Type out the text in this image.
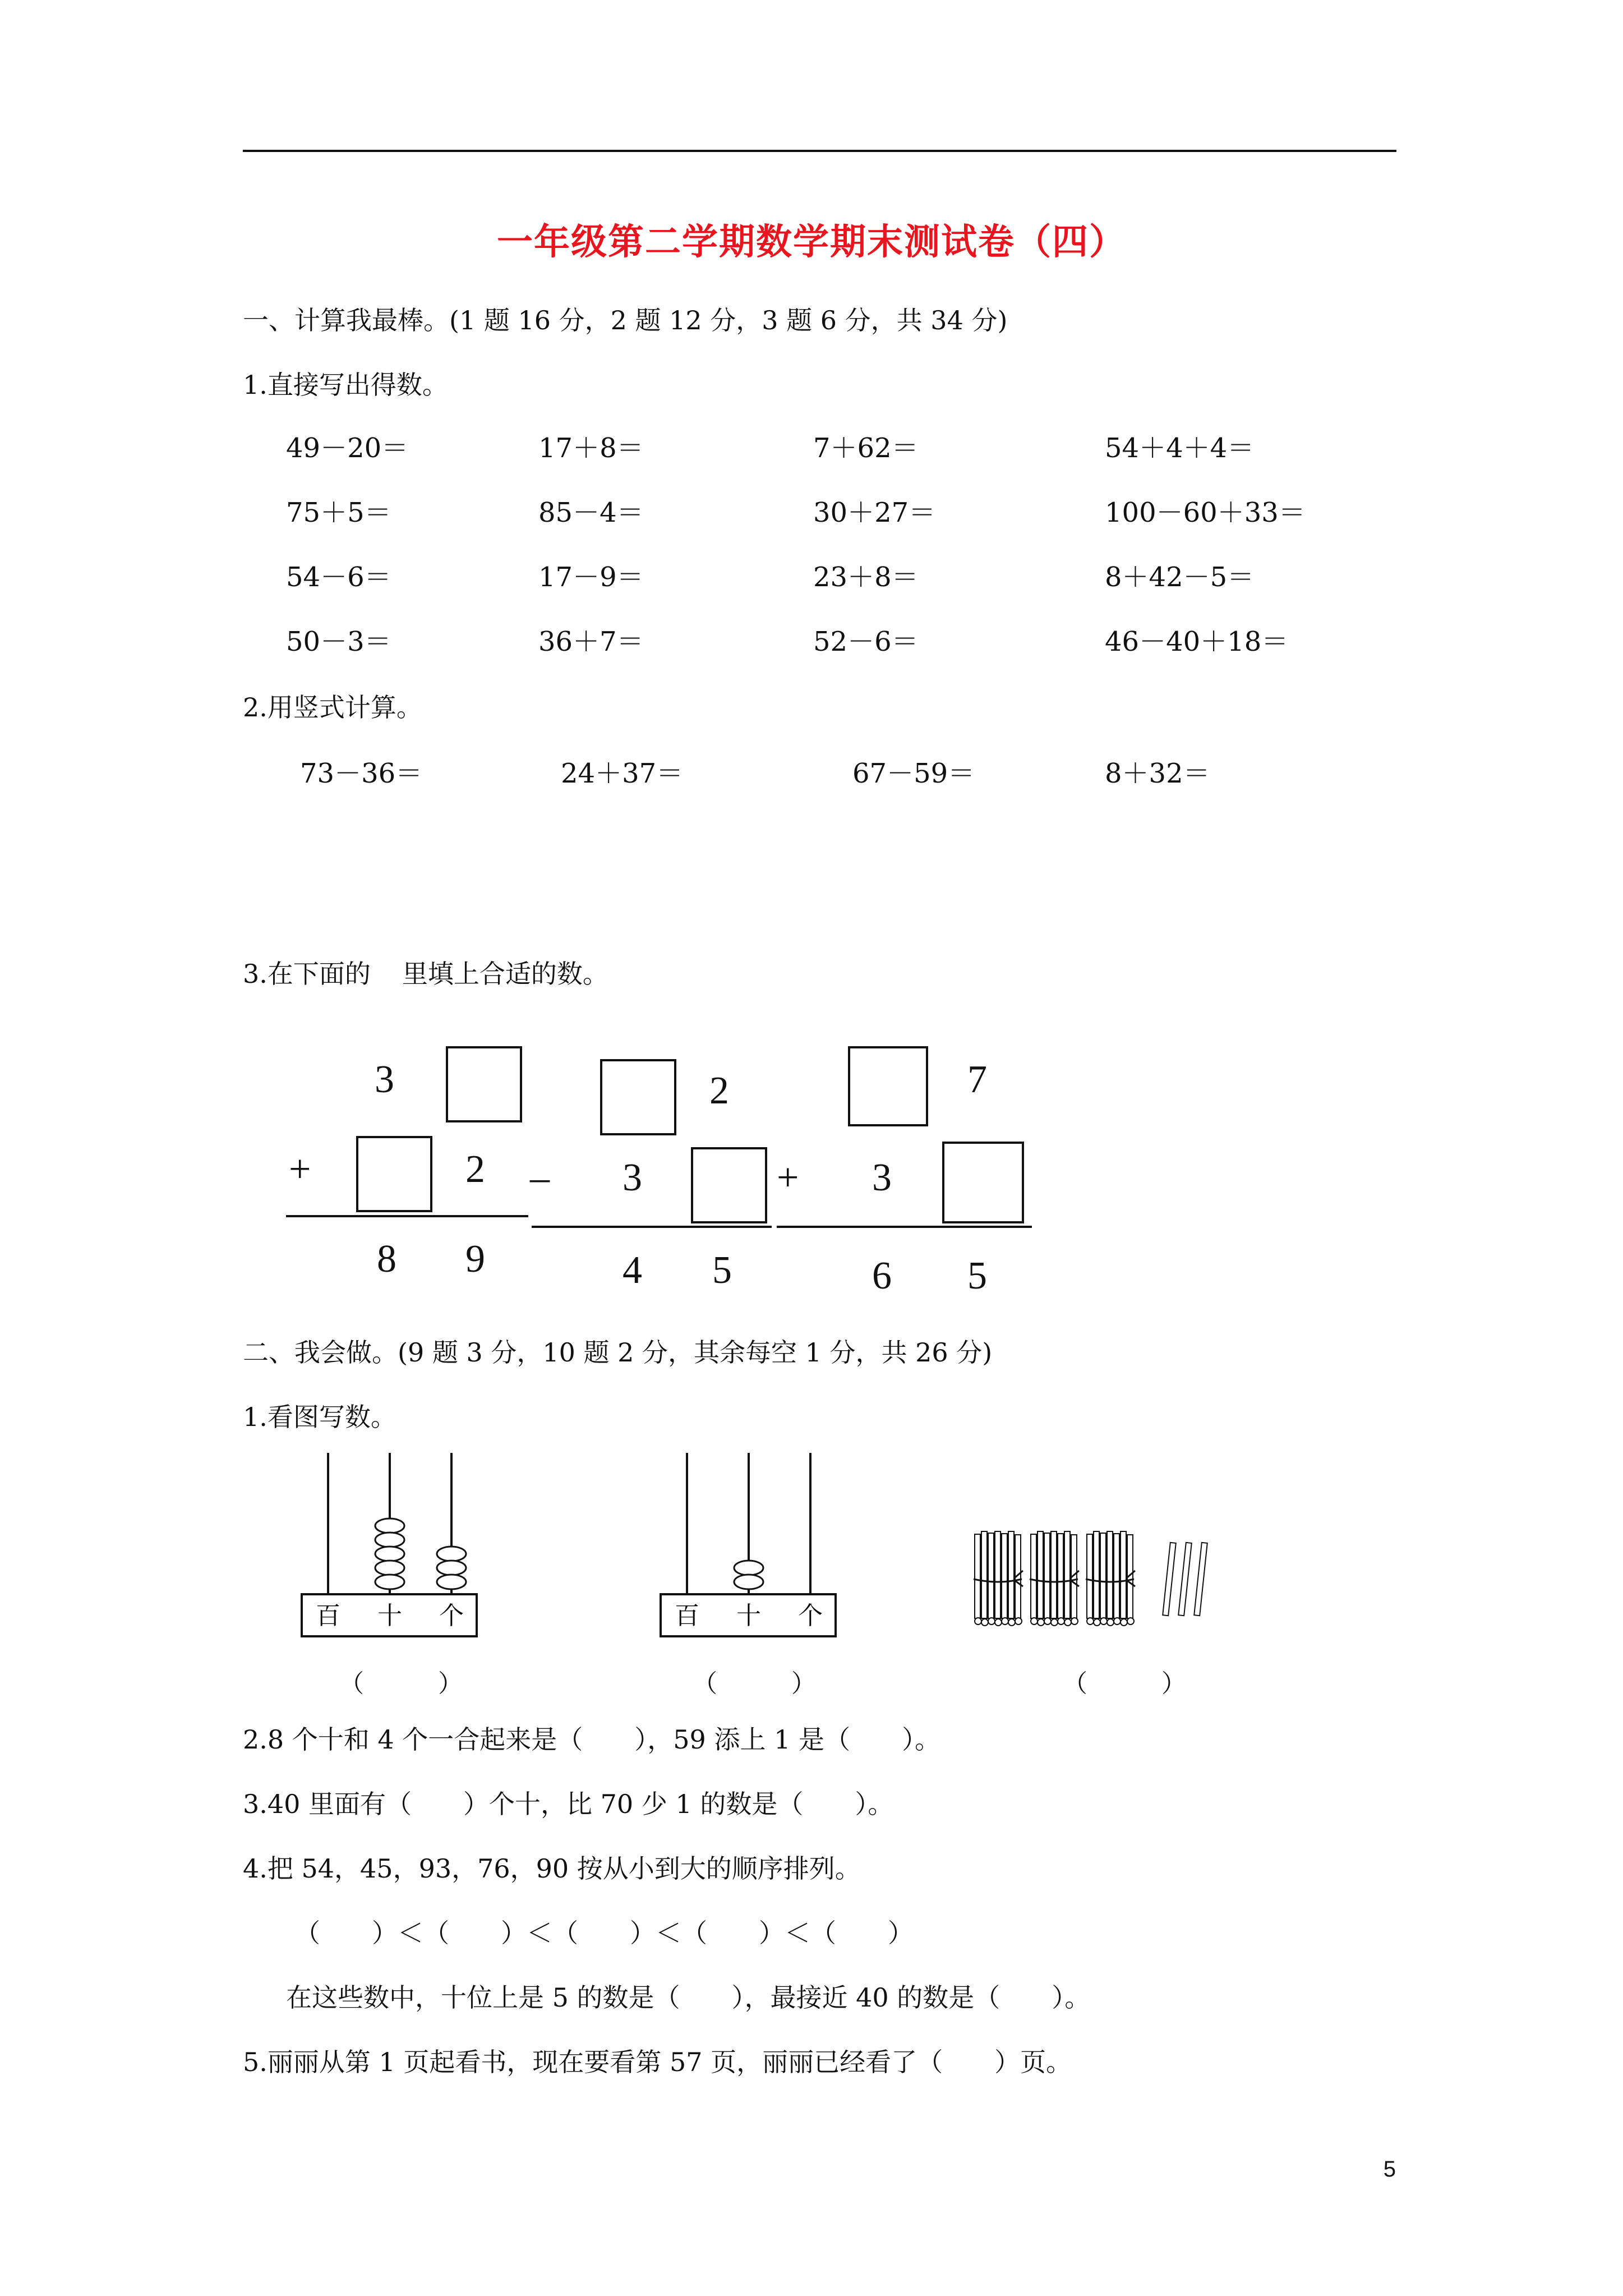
一年级第二学期数学期末测试卷（四）
一、计算我最棒。(1 题 16 分，2 题 12 分，3 题 6 分，共 34 分)
1.直接写出得数。
49－20＝	17＋8＝	7＋62＝	54＋4＋4＝
75＋5＝	85－4＝	30＋27＝	100－60＋33＝
54－6＝	17－9＝	23＋8＝	8＋42－5＝
50－3＝	36＋7＝	52－6＝	46－40＋18＝
2.用竖式计算。
73－36＝	24＋37＝	67－59＝	8＋32＝
3.在下面的 里填上合适的数。
3
+	2
8 9
2
– 3
4 5
7
+ 3
6 5
二、我会做。(9 题 3 分，10 题 2 分，其余每空 1 分，共 26 分)
1.看图写数。
百 十 个	百 十 个
（　　　）	（　　　）	（　　　）
2.8 个十和 4 个一合起来是（　　），59 添上 1 是（　　）。
3.40 里面有（　　）个十，比 70 少 1 的数是（　　）。
4.把 54，45，93，76，90 按从小到大的顺序排列。
（　　）＜（　　）＜（　　）＜（　　）＜（　　）
在这些数中，十位上是 5 的数是（　　），最接近 40 的数是（　　）。
5.丽丽从第 1 页起看书，现在要看第 57 页，丽丽已经看了（　　）页。
5
